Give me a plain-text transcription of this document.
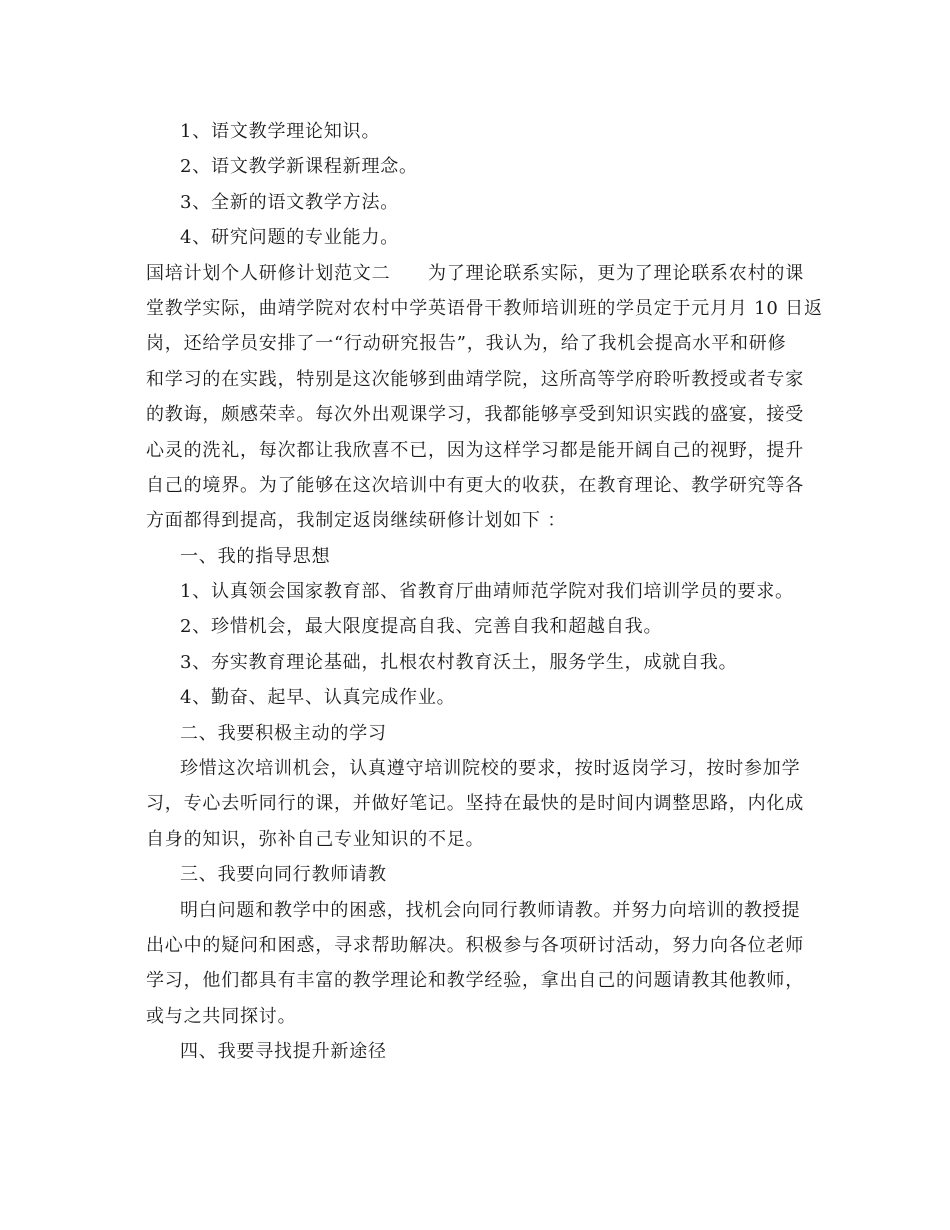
1、语文教学理论知识。
2、语文教学新课程新理念。
3、全新的语文教学方法。
4、研究问题的专业能力。
国培计划个人研修计划范文二　　为了理论联系实际，更为了理论联系农村的课
堂教学实际，曲靖学院对农村中学英语骨干教师培训班的学员定于元月月 10 日返
岗，还给学员安排了一“行动研究报告”，我认为，给了我机会提高水平和研修
和学习的在实践，特别是这次能够到曲靖学院，这所高等学府聆听教授或者专家
的教诲，颇感荣幸。每次外出观课学习，我都能够享受到知识实践的盛宴，接受
心灵的洗礼，每次都让我欣喜不已，因为这样学习都是能开阔自己的视野，提升
自己的境界。为了能够在这次培训中有更大的收获，在教育理论、教学研究等各
方面都得到提高，我制定返岗继续研修计划如下 ：
一、我的指导思想
1、认真领会国家教育部、省教育厅曲靖师范学院对我们培训学员的要求。
2、珍惜机会，最大限度提高自我、完善自我和超越自我。
3、夯实教育理论基础，扎根农村教育沃土，服务学生，成就自我。
4、勤奋、起早、认真完成作业。
二、我要积极主动的学习
珍惜这次培训机会，认真遵守培训院校的要求，按时返岗学习，按时参加学
习，专心去听同行的课，并做好笔记。坚持在最快的是时间内调整思路，内化成
自身的知识，弥补自己专业知识的不足。
三、我要向同行教师请教
明白问题和教学中的困惑，找机会向同行教师请教。并努力向培训的教授提
出心中的疑问和困惑，寻求帮助解决。积极参与各项研讨活动，努力向各位老师
学习，他们都具有丰富的教学理论和教学经验，拿出自己的问题请教其他教师，
或与之共同探讨。
四、我要寻找提升新途径
